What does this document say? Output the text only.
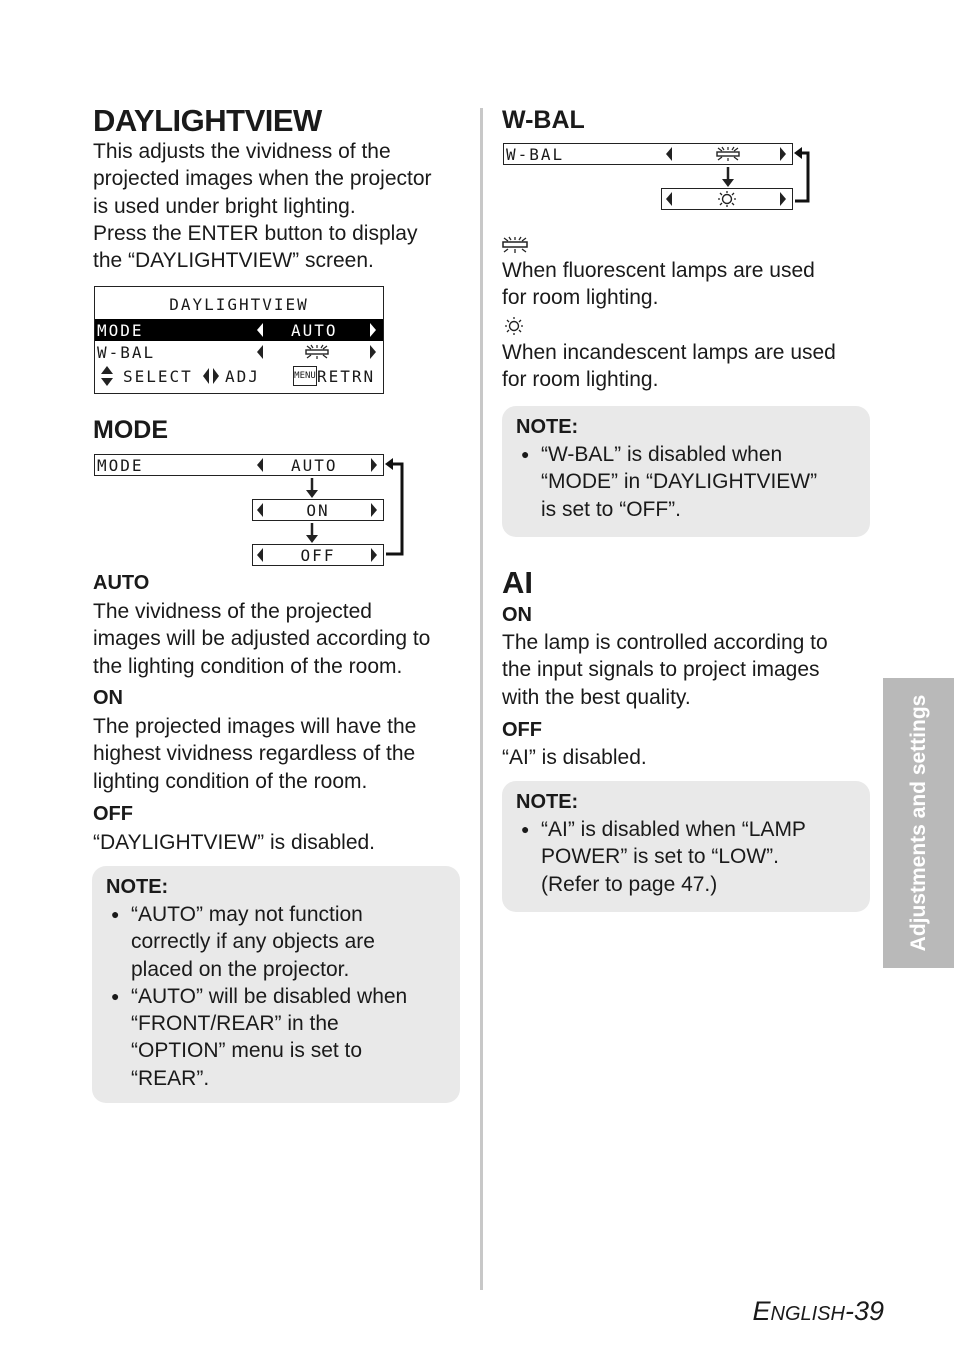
DAYLIGHTVIEW
This adjusts the vividness of the
projected images when the projector
is used under bright lighting.
Press the ENTER button to display
the “DAYLIGHTVIEW” screen.
DAYLIGHTVIEW
MODE	AUTO
W-BAL
SELECT ADJ	MENU RETRN
MODE
MODE	AUTO
ON
OFF
AUTO
The vividness of the projected
images will be adjusted according to
the lighting condition of the room.
ON
The projected images will have the
highest vividness regardless of the
lighting condition of the room.
OFF
“DAYLIGHTVIEW” is disabled.
NOTE:
● “AUTO” may not function
correctly if any objects are
placed on the projector.
● “AUTO” will be disabled when
“FRONT/REAR” in the
“OPTION” menu is set to
“REAR”.
W-BAL
W-BAL
When fluorescent lamps are used
for room lighting.
When incandescent lamps are used
for room lighting.
NOTE:
● “W-BAL” is disabled when
“MODE” in “DAYLIGHTVIEW”
is set to “OFF”.
AI
ON
The lamp is controlled according to
the input signals to project images
with the best quality.
OFF
“AI” is disabled.
NOTE:
● “AI” is disabled when “LAMP
POWER” is set to “LOW”.
(Refer to page 47.)	Adjustments and settings
ENGLISH-39
